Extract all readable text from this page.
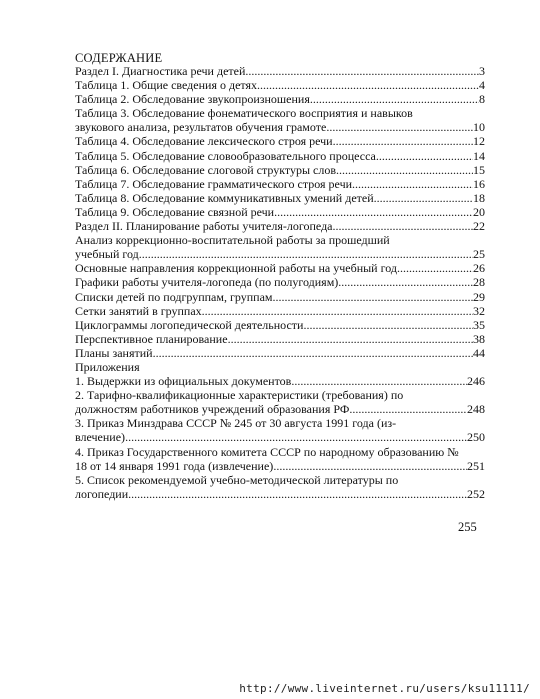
СОДЕРЖАНИЕ
Раздел I. Диагностика речи детей .....	3
Таблица 1. Общие сведения о детях .....	4
Таблица 2. Обследование звукопроизношения .....	8
Таблица 3. Обследование фонематического восприятия и навыков
звукового анализа, результатов обучения грамоте .....	10
Таблица 4. Обследование лексического строя речи .....	12
Таблица 5. Обследование словообразовательного процесса .....	14
Таблица 6. Обследование слоговой структуры слов .....	15
Таблица 7. Обследование грамматического строя речи .....	16
Таблица 8. Обследование коммуникативных умений детей .....	18
Таблица 9. Обследование связной речи .....	20
Раздел II. Планирование работы учителя-логопеда .....	22
Анализ коррекционно-воспитательной работы за прошедший
учебный год .....	25
Основные направления коррекционной работы на учебный год .....	26
Графики работы учителя-логопеда (по полугодиям) .....	28
Списки детей по подгруппам, группам .....	29
Сетки занятий в группах .....	32
Циклограммы логопедической деятельности .....	35
Перспективное планирование .....	38
Планы занятий .....	44
Приложения
1. Выдержки из официальных документов .....	246
2. Тарифно-квалификационные характеристики (требования) по
должностям работников учреждений образования РФ .....	248
3. Приказ Минздрава СССР № 245 от 30 августа 1991 года (из-
влечение) .....	250
4. Приказ Государственного комитета СССР по народному образованию №
18 от 14 января 1991 года (извлечение) .....	251
5. Список рекомендуемой учебно-методической литературы по
логопедии .....	252
255
http://www.liveinternet.ru/users/ksu11111/
